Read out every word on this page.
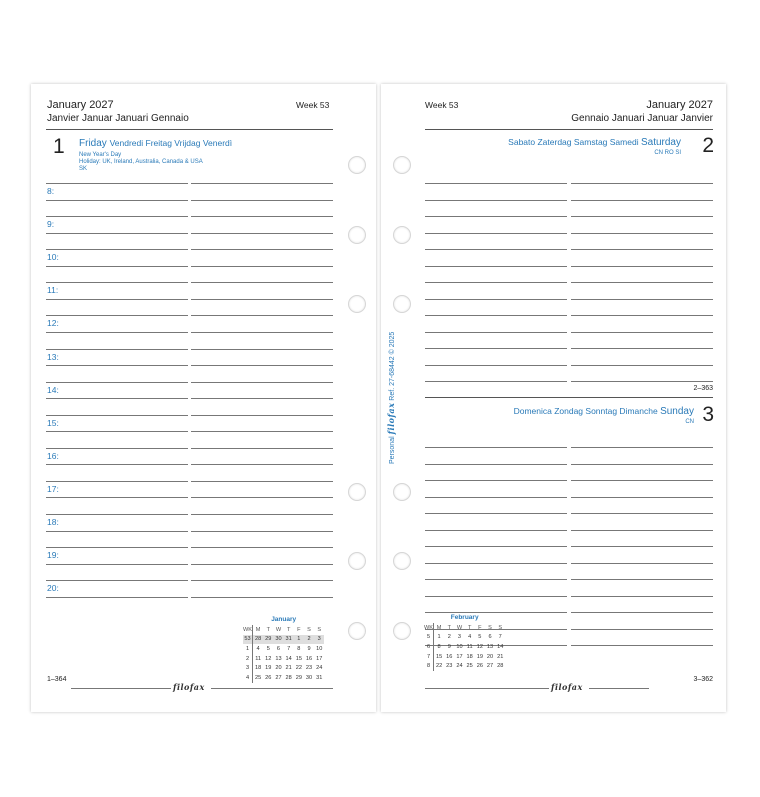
January 2027
Janvier Januar Januari Gennaio
Week 53
1 Friday Vendredi Freitag Vrijdag Venerdì
New Year's Day
Holiday: UK, Ireland, Australia, Canada & USA
SK
8:
9:
10:
11:
12:
13:
14:
15:
16:
17:
18:
19:
20:
January
WK	M	T	W	T	F	S	S
53	28	29	30	31	1	2	3
1	4	5	6	7	8	9	10
2	11	12	13	14	15	16	17
3	18	19	20	21	22	23	24
4	25	26	27	28	29	30	31
1–364
filofax
Week 53	January 2027
Gennaio Januari Januar Janvier
Sabato Zaterdag Samstag Samedi Saturday
CN RO SI 2
2–363
Domenica Zondag Sonntag Dimanche Sunday
CN 3
February
WK	M	T	W	T	F	S	S
5	1	2	3	4	5	6	7
6	8	9	10	11	12	13	14
7	15	16	17	18	19	20	21
8	22	23	24	25	26	27	28
filofax
3–362
Personal filofax Ref. 27-68442 © 2025
